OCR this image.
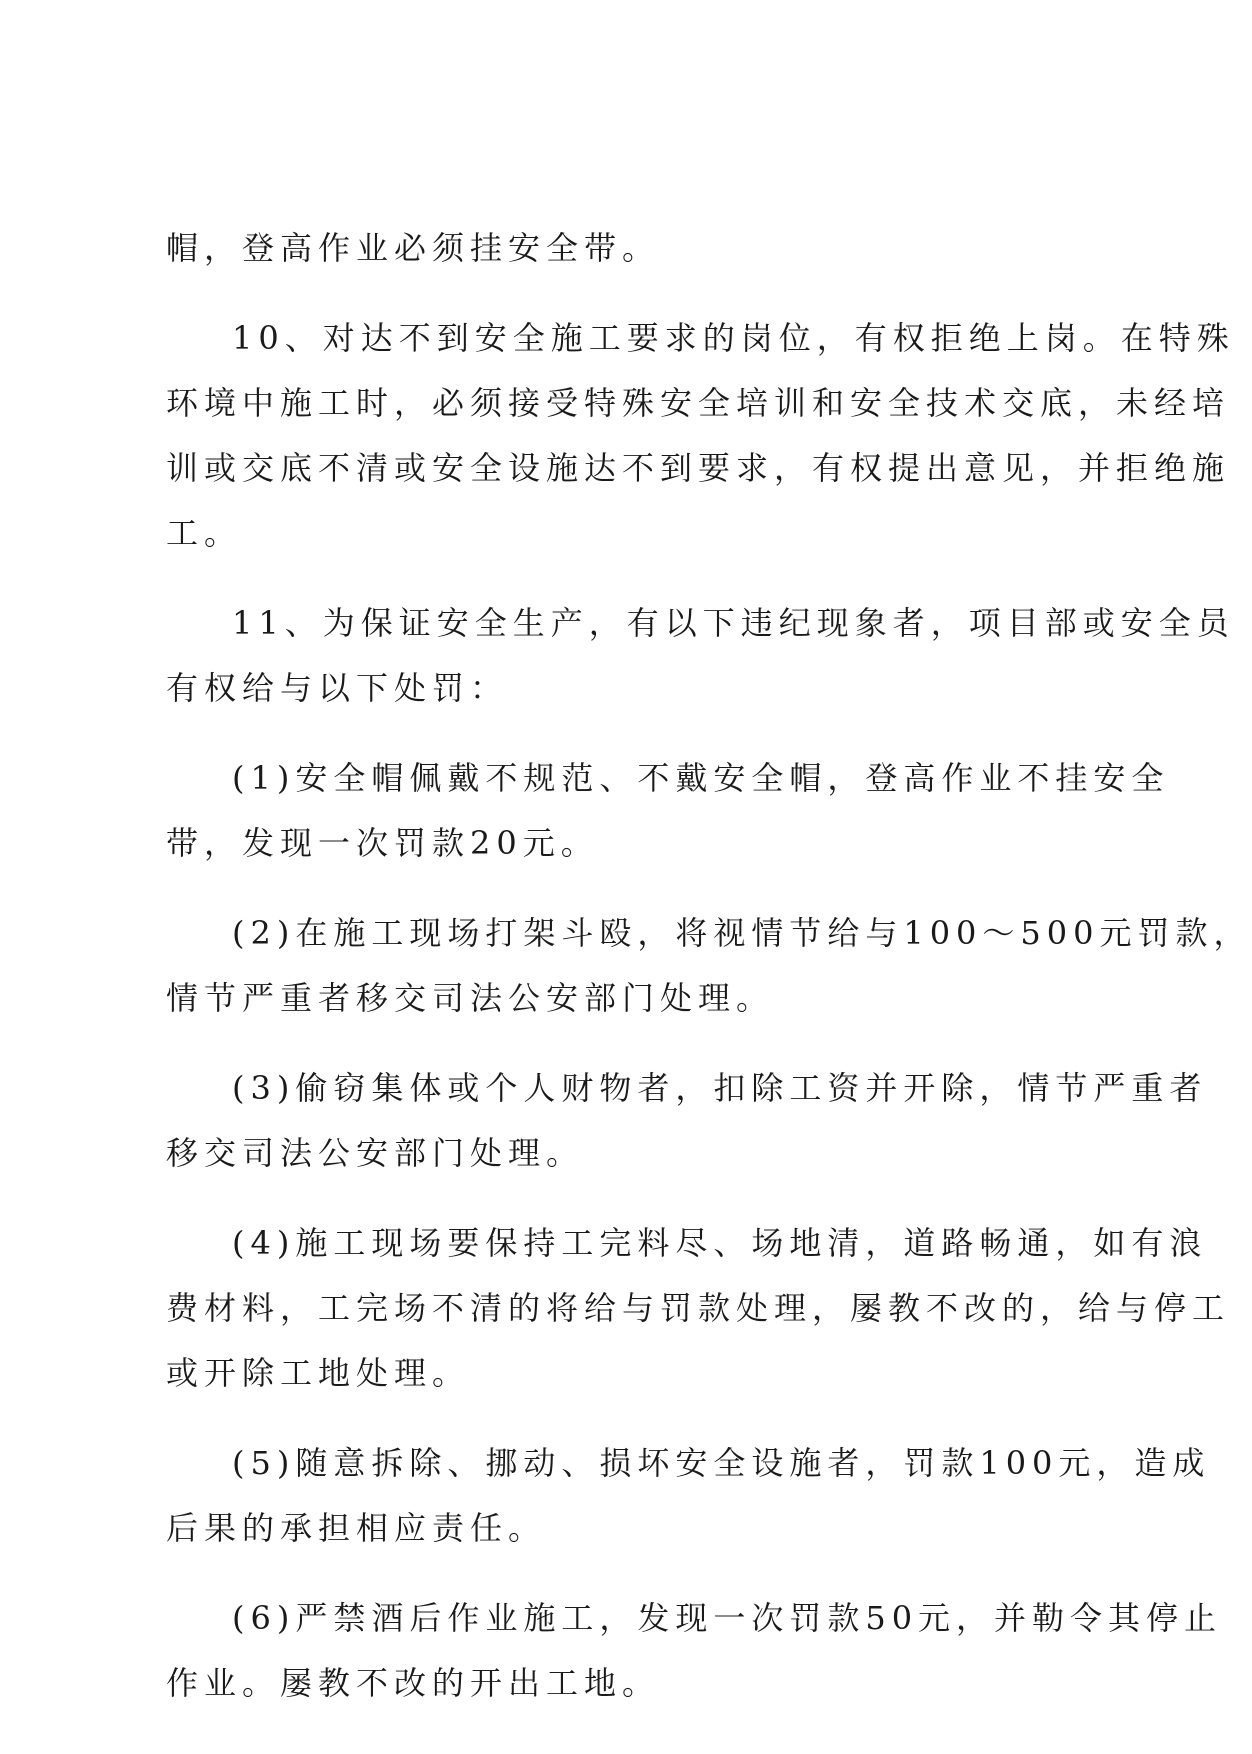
帽，登高作业必须挂安全带。
10、对达不到安全施工要求的岗位，有权拒绝上岗。在特殊
环境中施工时，必须接受特殊安全培训和安全技术交底，未经培
训或交底不清或安全设施达不到要求，有权提出意见，并拒绝施
工。
11、为保证安全生产，有以下违纪现象者，项目部或安全员
有权给与以下处罚：
(1)安全帽佩戴不规范、不戴安全帽，登高作业不挂安全
带，发现一次罚款20元。
(2)在施工现场打架斗殴，将视情节给与100～500元罚款，
情节严重者移交司法公安部门处理。
(3)偷窃集体或个人财物者，扣除工资并开除，情节严重者
移交司法公安部门处理。
(4)施工现场要保持工完料尽、场地清，道路畅通，如有浪
费材料，工完场不清的将给与罚款处理，屡教不改的，给与停工
或开除工地处理。
(5)随意拆除、挪动、损坏安全设施者，罚款100元，造成
后果的承担相应责任。
(6)严禁酒后作业施工，发现一次罚款50元，并勒令其停止
作业。屡教不改的开出工地。
